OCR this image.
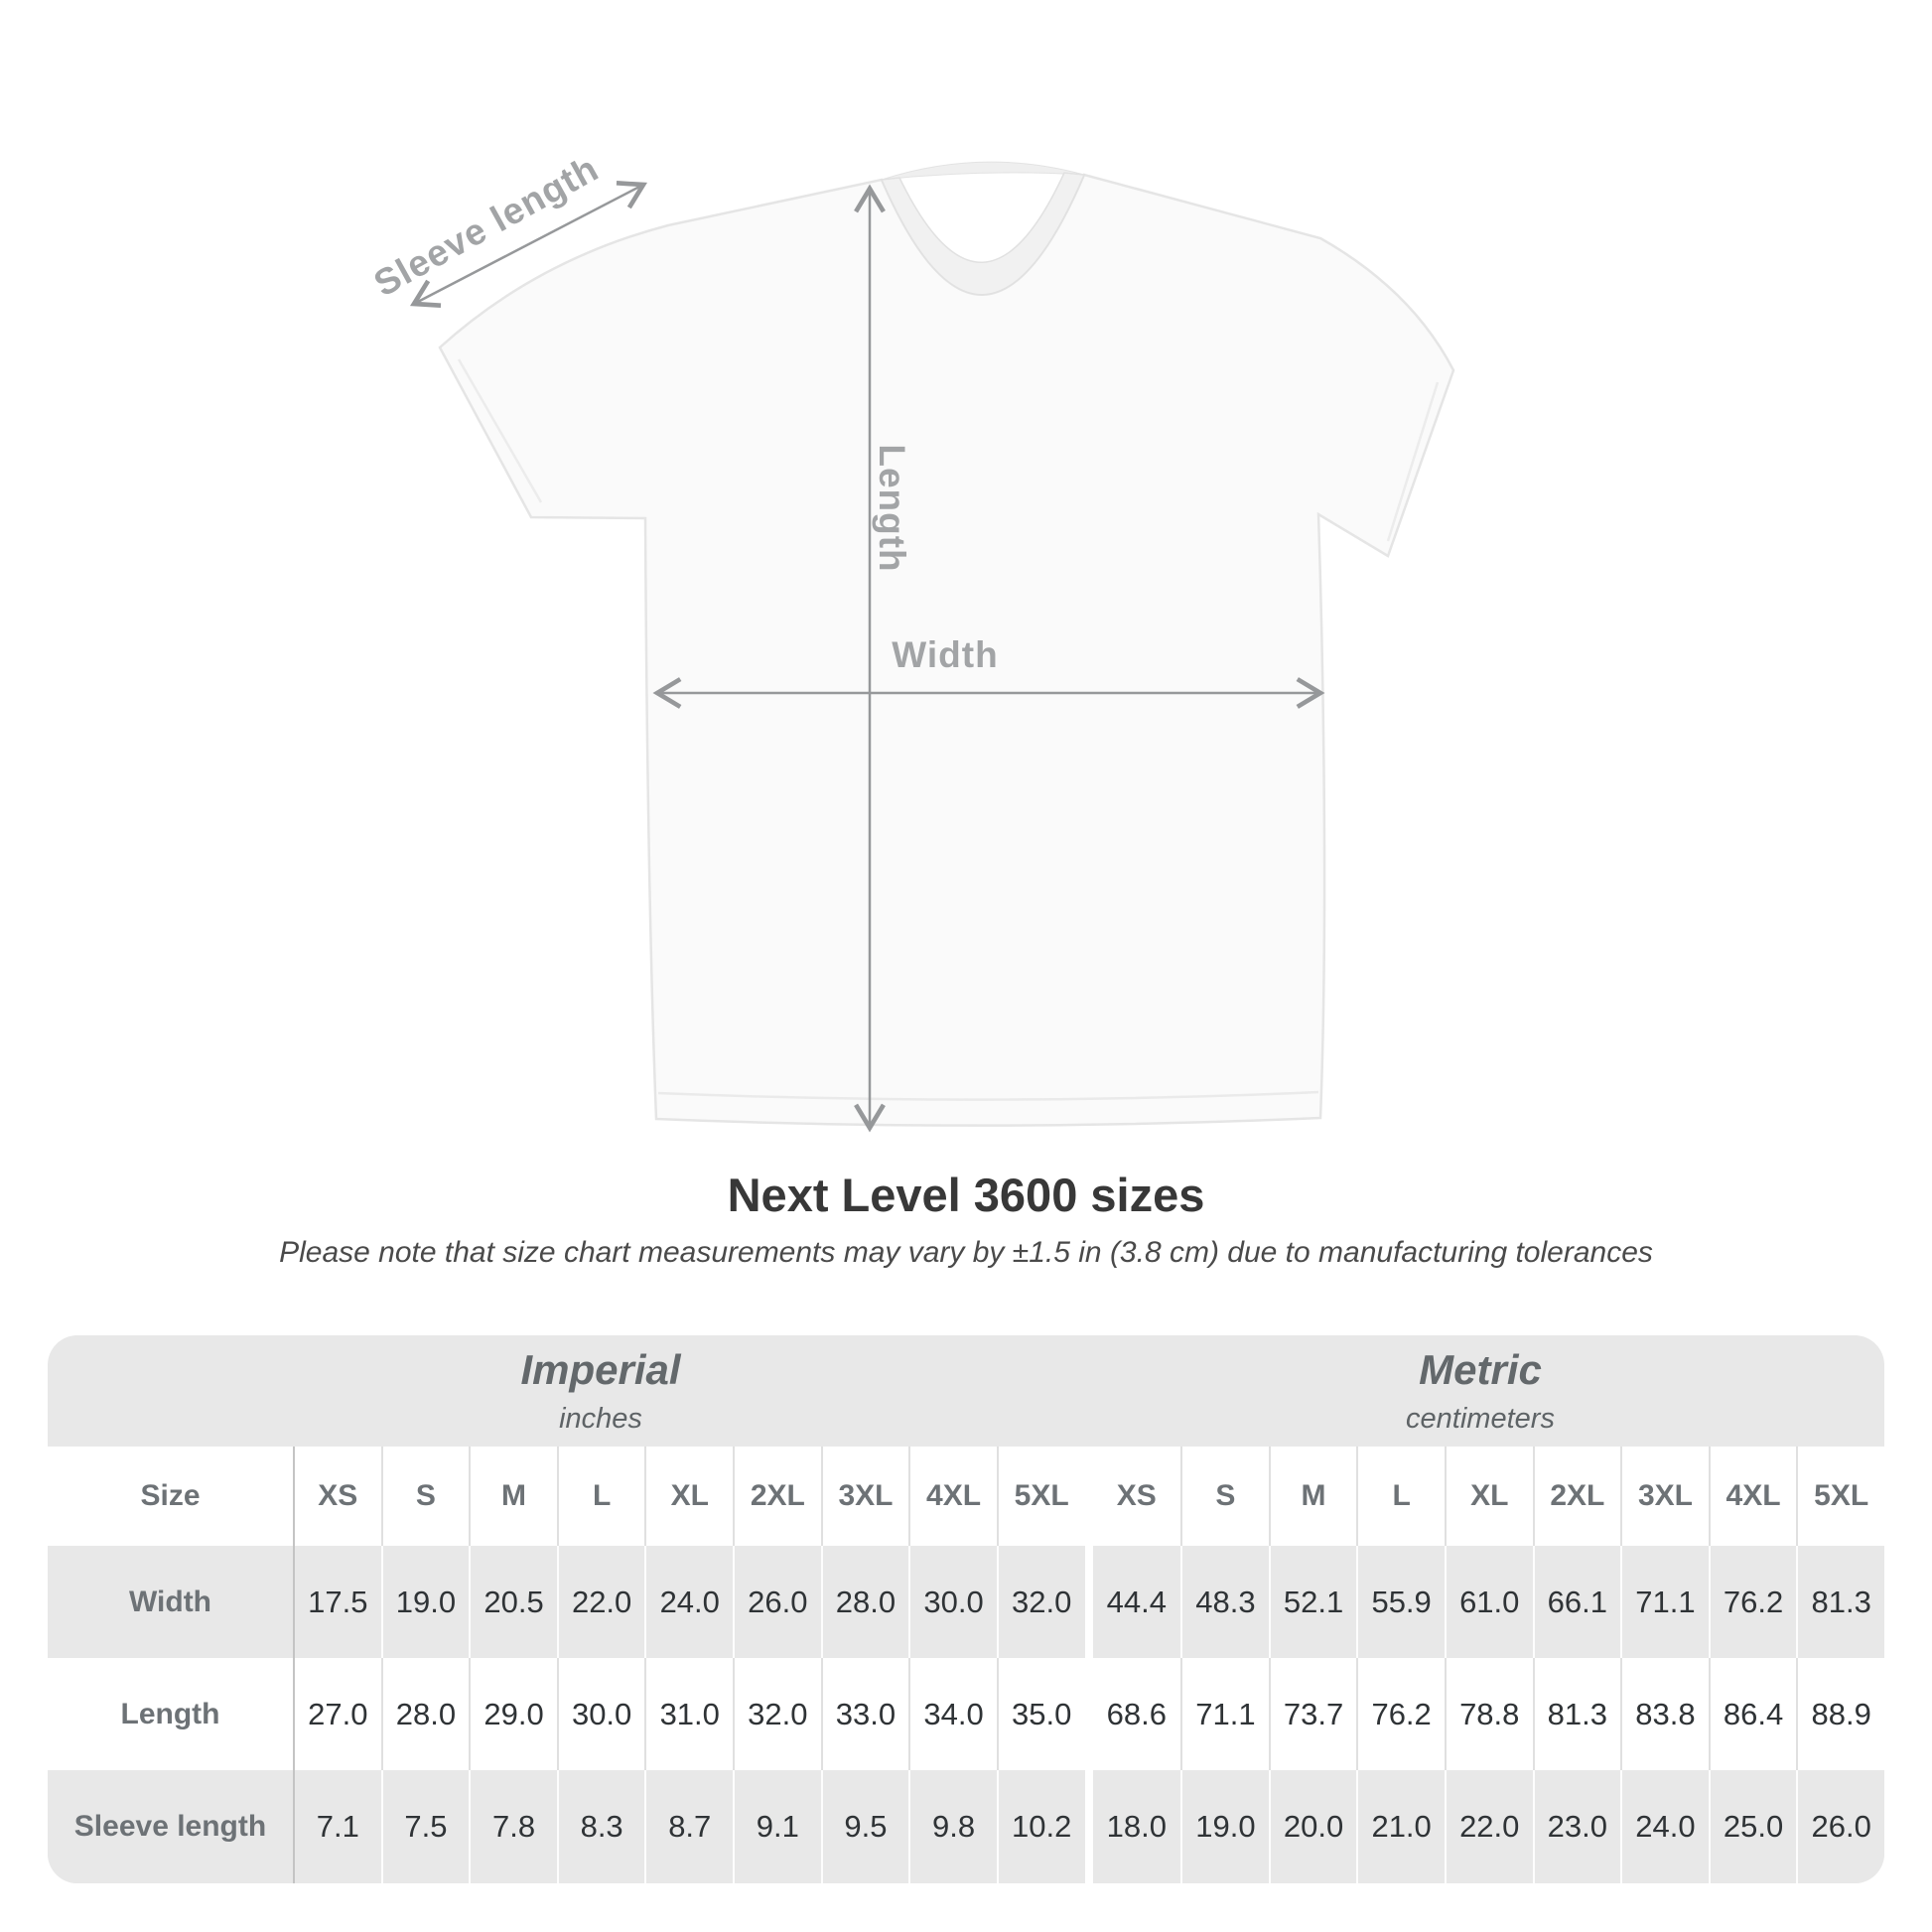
Sleeve length
Length
Width
Next Level 3600 sizes

Please note that size chart measurements may vary by ±1.5 in (3.8 cm) due to manufacturing tolerances

Imperial
inches
Metric
centimeters
Size	XS	S	M	L	XL	2XL	3XL	4XL	5XL	XS	S	M	L	XL	2XL	3XL	4XL	5XL
Width	17.5 19.0 20.5 22.0 24.0 26.0 28.0 30.0 32.0	44.4 48.3 52.1 55.9 61.0 66.1 71.1 76.2 81.3
Length	27.0 28.0 29.0 30.0 31.0 32.0 33.0 34.0 35.0	68.6 71.1 73.7 76.2 78.8 81.3 83.8 86.4 88.9
Sleeve length	7.1	7.5	7.8	8.3	8.7	9.1	9.5	9.8	10.2	18.0 19.0 20.0 21.0 22.0 23.0 24.0 25.0 26.0
